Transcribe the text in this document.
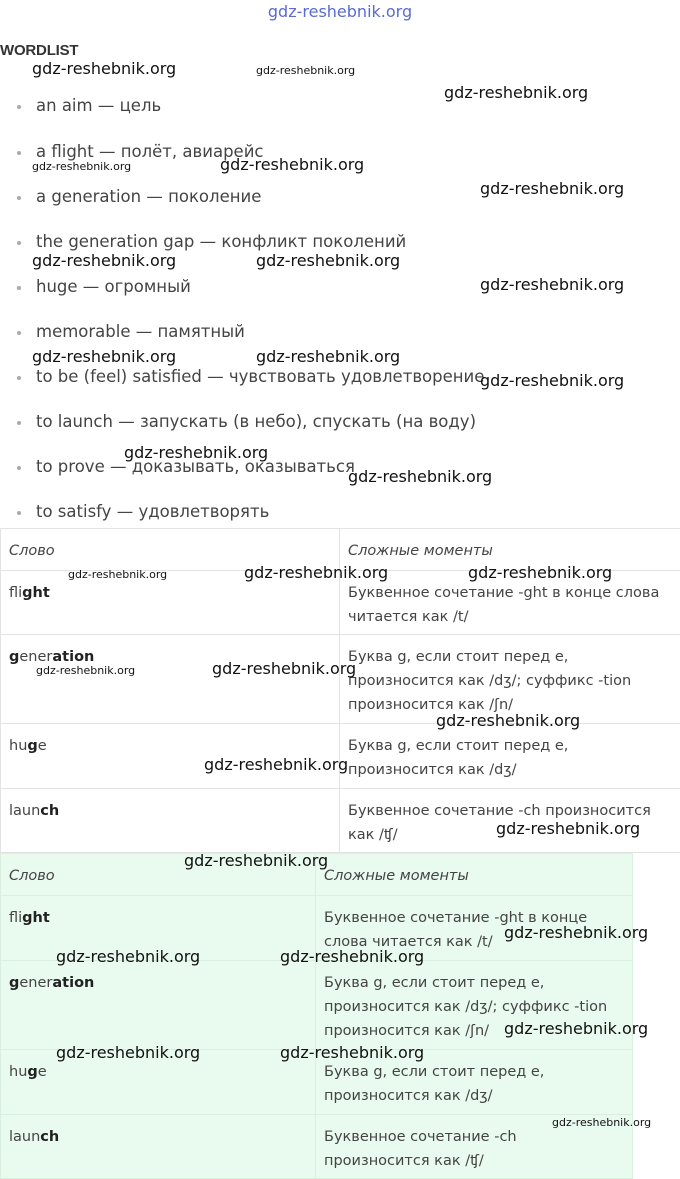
gdz-reshebnik.org
WORDLIST
an aim — цель
a flight — полёт, авиарейс
a generation — поколение
the generation gap — конфликт поколений
huge — огромный
memorable — памятный
to be (feel) satisfied — чувствовать удовлетворение
to launch — запускать (в небо), спускать (на воду)
to prove — доказывать, оказываться
to satisfy — удовлетворять
Слово	Сложные моменты
flight	Буквенное сочетание -ght в конце слова читается как /t/
generation	Буква g, если стоит перед e, произносится как /dʒ/; суффикс -tion произносится как /ʃn/
huge	Буква g, если стоит перед e, произносится как /dʒ/
launch	Буквенное сочетание -ch произносится как /ʧ/
Слово	Сложные моменты
flight	Буквенное сочетание -ght в конце слова читается как /t/
generation	Буква g, если стоит перед e, произносится как /dʒ/; суффикс -tion произносится как /ʃn/
huge	Буква g, если стоит перед e, произносится как /dʒ/
launch	Буквенное сочетание -ch произносится как /ʧ/
gdz-reshebnik.org	gdz-reshebnik.org
gdz-reshebnik.org
gdz-reshebnik.org	gdz-reshebnik.org
gdz-reshebnik.org
gdz-reshebnik.org	gdz-reshebnik.org
gdz-reshebnik.org
gdz-reshebnik.org	gdz-reshebnik.org
gdz-reshebnik.org
gdz-reshebnik.org
gdz-reshebnik.org
gdz-reshebnik.org	gdz-reshebnik.org	gdz-reshebnik.org
gdz-reshebnik.org	gdz-reshebnik.org
gdz-reshebnik.org
gdz-reshebnik.org
gdz-reshebnik.org
gdz-reshebnik.org
gdz-reshebnik.org
gdz-reshebnik.org	gdz-reshebnik.org
gdz-reshebnik.org
gdz-reshebnik.org	gdz-reshebnik.org
gdz-reshebnik.org
